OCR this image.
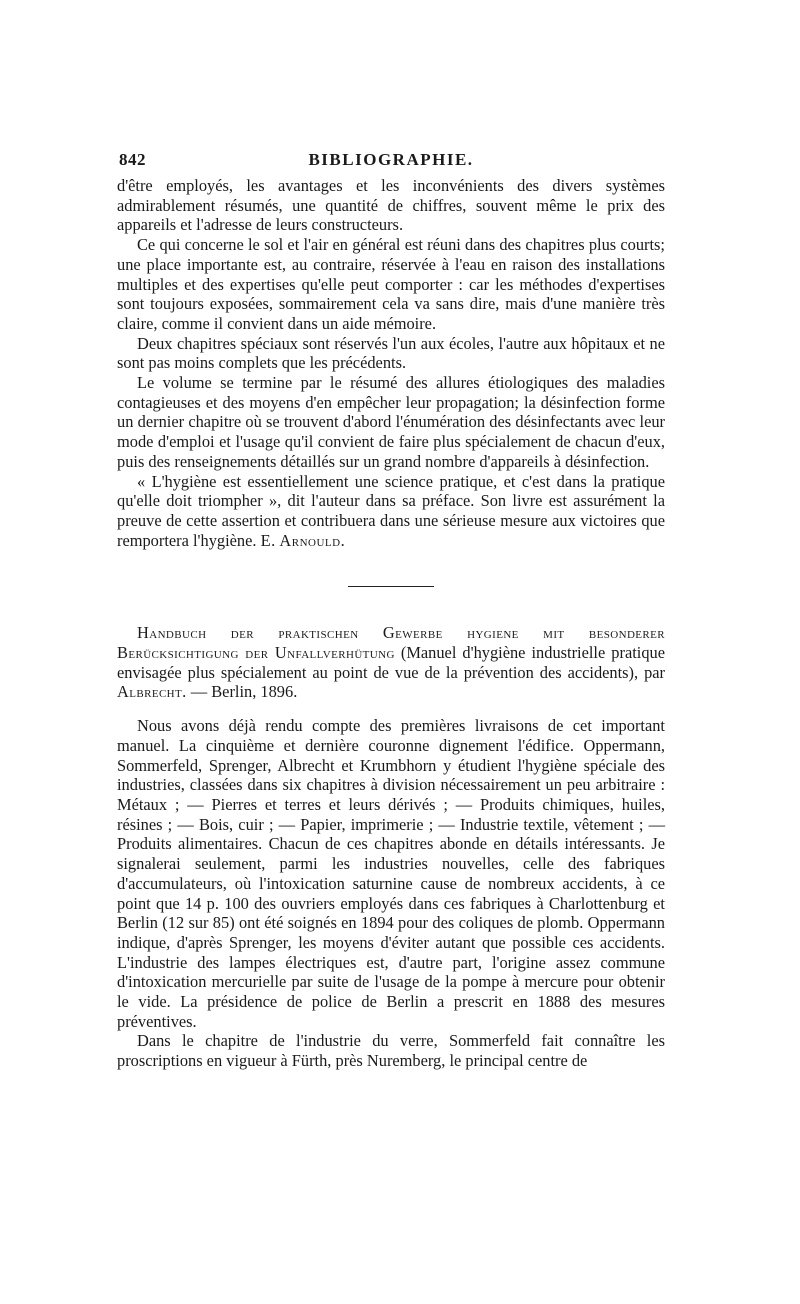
842	BIBLIOGRAPHIE.

d'être employés, les avantages et les inconvénients des divers systèmes admirablement résumés, une quantité de chiffres, souvent même le prix des appareils et l'adresse de leurs constructeurs.

Ce qui concerne le sol et l'air en général est réuni dans des chapitres plus courts; une place importante est, au contraire, réservée à l'eau en raison des installations multiples et des expertises qu'elle peut comporter : car les méthodes d'expertises sont toujours exposées, sommairement cela va sans dire, mais d'une manière très claire, comme il convient dans un aide mémoire.

Deux chapitres spéciaux sont réservés l'un aux écoles, l'autre aux hôpitaux et ne sont pas moins complets que les précédents.

Le volume se termine par le résumé des allures étiologiques des maladies contagieuses et des moyens d'en empêcher leur propagation; la désinfection forme un dernier chapitre où se trouvent d'abord l'énumération des désinfectants avec leur mode d'emploi et l'usage qu'il convient de faire plus spécialement de chacun d'eux, puis des renseignements détaillés sur un grand nombre d'appareils à désinfection.

« L'hygiène est essentiellement une science pratique, et c'est dans la pratique qu'elle doit triompher », dit l'auteur dans sa préface. Son livre est assurément la preuve de cette assertion et contribuera dans une sérieuse mesure aux victoires que remportera l'hygiène. E. Arnould.

Handbuch der praktischen Gewerbe hygiene mit besonderer Berücksichtigung der Unfallverhütung (Manuel d'hygiène industrielle pratique envisagée plus spécialement au point de vue de la prévention des accidents), par Albrecht. — Berlin, 1896.

Nous avons déjà rendu compte des premières livraisons de cet important manuel. La cinquième et dernière couronne dignement l'édifice. Oppermann, Sommerfeld, Sprenger, Albrecht et Krumbhorn y étudient l'hygiène spéciale des industries, classées dans six chapitres à division nécessairement un peu arbitraire : Métaux ; — Pierres et terres et leurs dérivés ; — Produits chimiques, huiles, résines ; — Bois, cuir ; — Papier, imprimerie ; — Industrie textile, vêtement ; — Produits alimentaires. Chacun de ces chapitres abonde en détails intéressants. Je signalerai seulement, parmi les industries nouvelles, celle des fabriques d'accumulateurs, où l'intoxication saturnine cause de nombreux accidents, à ce point que 14 p. 100 des ouvriers employés dans ces fabriques à Charlottenburg et Berlin (12 sur 85) ont été soignés en 1894 pour des coliques de plomb. Oppermann indique, d'après Sprenger, les moyens d'éviter autant que possible ces accidents. L'industrie des lampes électriques est, d'autre part, l'origine assez commune d'intoxication mercurielle par suite de l'usage de la pompe à mercure pour obtenir le vide. La présidence de police de Berlin a prescrit en 1888 des mesures préventives.

Dans le chapitre de l'industrie du verre, Sommerfeld fait connaître les proscriptions en vigueur à Fürth, près Nuremberg, le principal centre de
